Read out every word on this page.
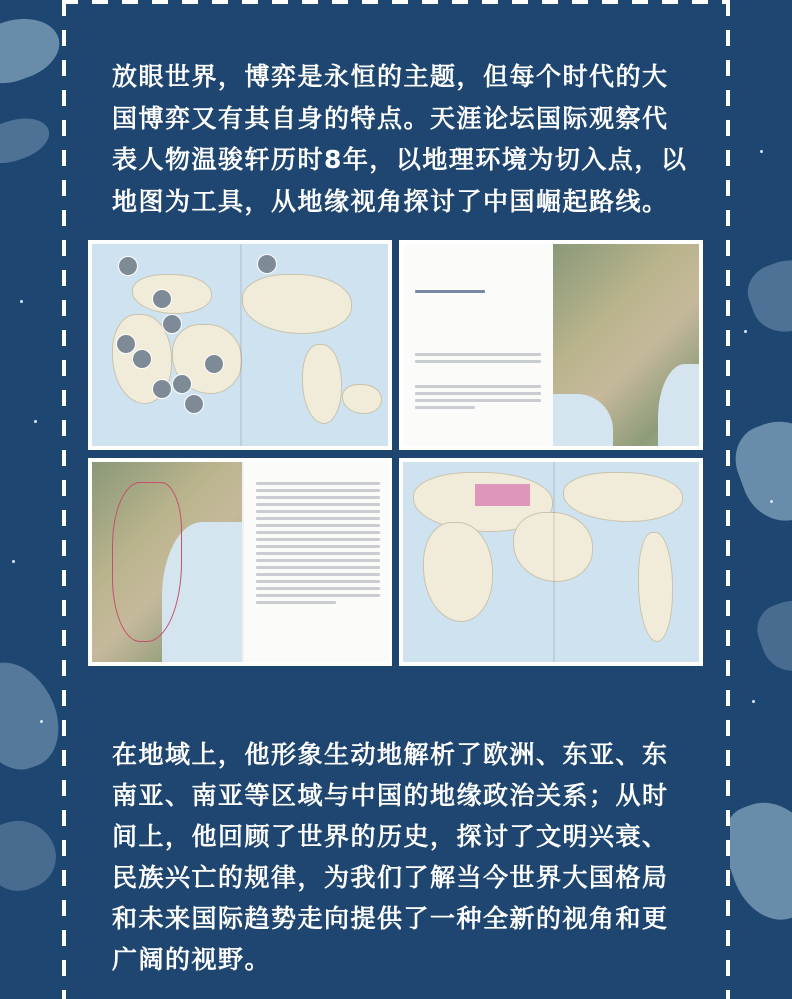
放眼世界，博弈是永恒的主题，但每个时代的大
国博弈又有其自身的特点。天涯论坛国际观察代
表人物温骏轩历时8年，以地理环境为切入点，以
地图为工具，从地缘视角探讨了中国崛起路线。
在地域上，他形象生动地解析了欧洲、东亚、东
南亚、南亚等区域与中国的地缘政治关系；从时
间上，他回顾了世界的历史，探讨了文明兴衰、
民族兴亡的规律，为我们了解当今世界大国格局
和未来国际趋势走向提供了一种全新的视角和更
广阔的视野。
